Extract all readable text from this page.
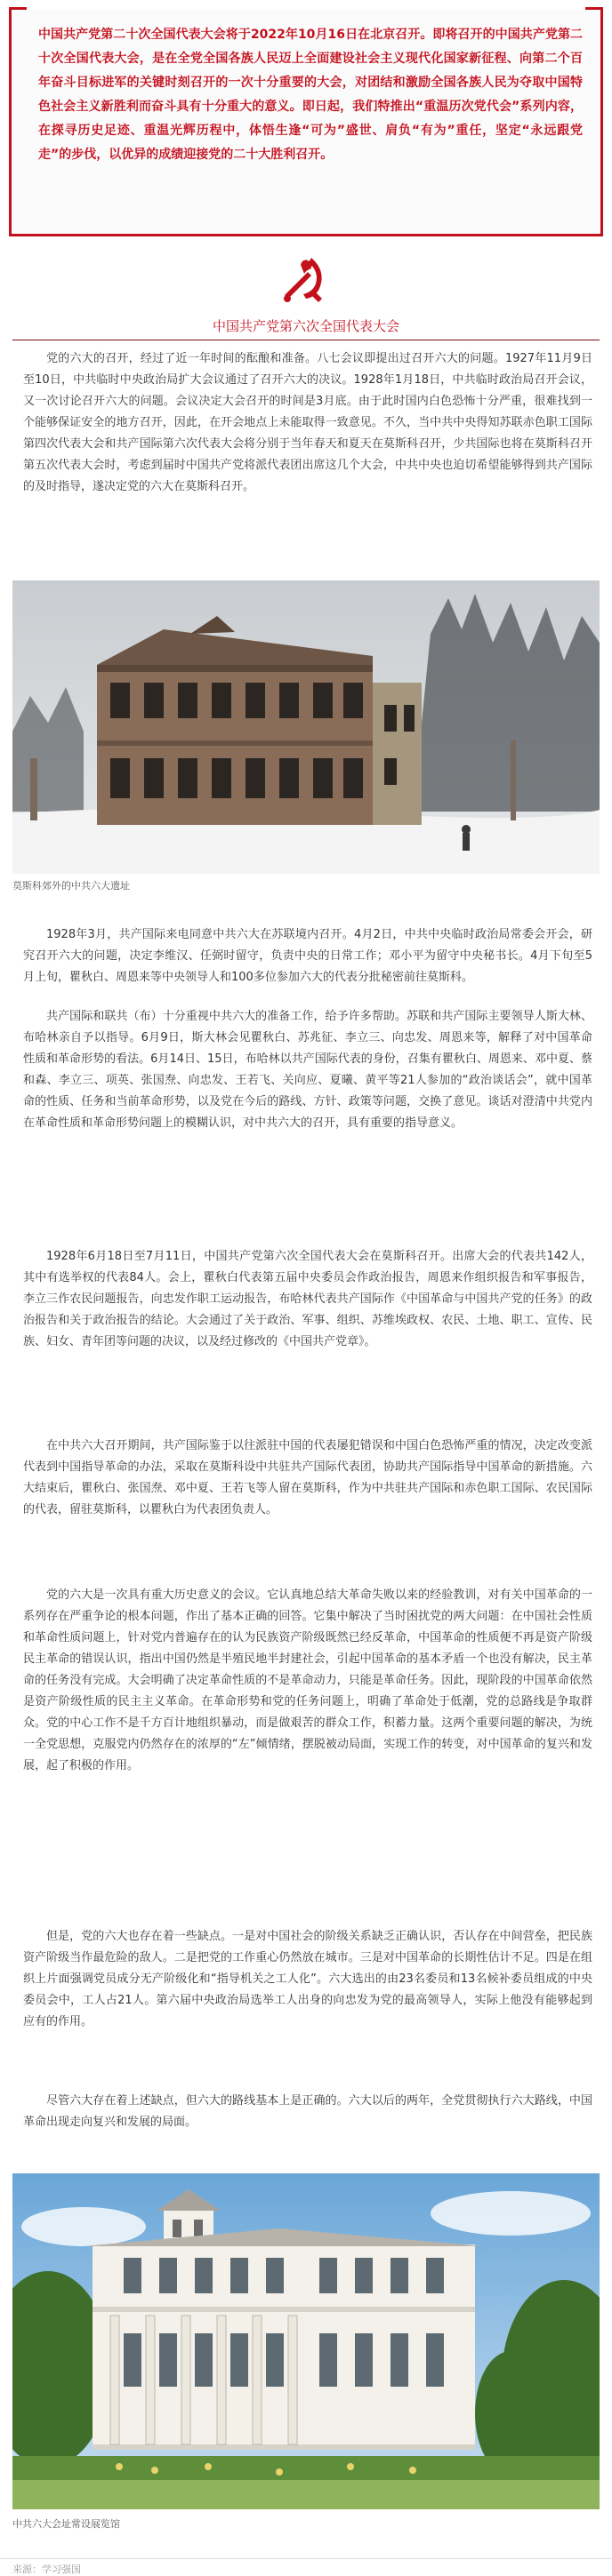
中国共产党第二十次全国代表大会将于2022年10月16日在北京召开。即将召开的中国共产党第二十次全国代表大会，是在全党全国各族人民迈上全面建设社会主义现代化国家新征程、向第二个百年奋斗目标进军的关键时刻召开的一次十分重要的大会，对团结和激励全国各族人民为夺取中国特色社会主义新胜利而奋斗具有十分重大的意义。即日起，我们特推出“重温历次党代会”系列内容，在探寻历史足迹、重温光辉历程中，体悟生逢“可为”盛世、肩负“有为”重任，坚定“永远跟党走”的步伐，以优异的成绩迎接党的二十大胜利召开。
中国共产党第六次全国代表大会

党的六大的召开，经过了近一年时间的酝酿和准备。八七会议即提出过召开六大的问题。1927年11月9日至10日，中共临时中央政治局扩大会议通过了召开六大的决议。1928年1月18日，中共临时政治局召开会议，又一次讨论召开六大的问题。会议决定大会召开的时间是3月底。由于此时国内白色恐怖十分严重，很难找到一个能够保证安全的地方召开，因此，在开会地点上未能取得一致意见。不久，当中共中央得知苏联赤色职工国际第四次代表大会和共产国际第六次代表大会将分别于当年春天和夏天在莫斯科召开，少共国际也将在莫斯科召开第五次代表大会时，考虑到届时中国共产党将派代表团出席这几个大会，中共中央也迫切希望能够得到共产国际的及时指导，遂决定党的六大在莫斯科召开。

莫斯科郊外的中共六大遗址

1928年3月，共产国际来电同意中共六大在苏联境内召开。4月2日，中共中央临时政治局常委会开会，研究召开六大的问题，决定李维汉、任弼时留守，负责中央的日常工作；邓小平为留守中央秘书长。4月下旬至5月上旬，瞿秋白、周恩来等中央领导人和100多位参加六大的代表分批秘密前往莫斯科。

共产国际和联共（布）十分重视中共六大的准备工作，给予许多帮助。苏联和共产国际主要领导人斯大林、布哈林亲自予以指导。6月9日，斯大林会见瞿秋白、苏兆征、李立三、向忠发、周恩来等，解释了对中国革命性质和革命形势的看法。6月14日、15日，布哈林以共产国际代表的身份，召集有瞿秋白、周恩来、邓中夏、蔡和森、李立三、项英、张国焘、向忠发、王若飞、关向应、夏曦、黄平等21人参加的“政治谈话会”，就中国革命的性质、任务和当前革命形势，以及党在今后的路线、方针、政策等问题，交换了意见。谈话对澄清中共党内在革命性质和革命形势问题上的模糊认识，对中共六大的召开，具有重要的指导意义。

1928年6月18日至7月11日，中国共产党第六次全国代表大会在莫斯科召开。出席大会的代表共142人，其中有选举权的代表84人。会上，瞿秋白代表第五届中央委员会作政治报告，周恩来作组织报告和军事报告，李立三作农民问题报告，向忠发作职工运动报告，布哈林代表共产国际作《中国革命与中国共产党的任务》的政治报告和关于政治报告的结论。大会通过了关于政治、军事、组织、苏维埃政权、农民、土地、职工、宣传、民族、妇女、青年团等问题的决议，以及经过修改的《中国共产党章》。

在中共六大召开期间，共产国际鉴于以往派驻中国的代表屡犯错误和中国白色恐怖严重的情况，决定改变派代表到中国指导革命的办法，采取在莫斯科设中共驻共产国际代表团，协助共产国际指导中国革命的新措施。六大结束后，瞿秋白、张国焘、邓中夏、王若飞等人留在莫斯科，作为中共驻共产国际和赤色职工国际、农民国际的代表，留驻莫斯科，以瞿秋白为代表团负责人。

党的六大是一次具有重大历史意义的会议。它认真地总结大革命失败以来的经验教训，对有关中国革命的一系列存在严重争论的根本问题，作出了基本正确的回答。它集中解决了当时困扰党的两大问题：在中国社会性质和革命性质问题上，针对党内普遍存在的认为民族资产阶级既然已经反革命，中国革命的性质便不再是资产阶级民主革命的错误认识，指出中国仍然是半殖民地半封建社会，引起中国革命的基本矛盾一个也没有解决，民主革命的任务没有完成。大会明确了决定革命性质的不是革命动力，只能是革命任务。因此，现阶段的中国革命依然是资产阶级性质的民主主义革命。在革命形势和党的任务问题上，明确了革命处于低潮，党的总路线是争取群众。党的中心工作不是千方百计地组织暴动，而是做艰苦的群众工作，积蓄力量。这两个重要问题的解决，为统一全党思想，克服党内仍然存在的浓厚的“左”倾情绪，摆脱被动局面，实现工作的转变，对中国革命的复兴和发展，起了积极的作用。

但是，党的六大也存在着一些缺点。一是对中国社会的阶级关系缺乏正确认识，否认存在中间营垒，把民族资产阶级当作最危险的敌人。二是把党的工作重心仍然放在城市。三是对中国革命的长期性估计不足。四是在组织上片面强调党员成分无产阶级化和“指导机关之工人化”。六大选出的由23名委员和13名候补委员组成的中央委员会中，工人占21人。第六届中央政治局选举工人出身的向忠发为党的最高领导人，实际上他没有能够起到应有的作用。

尽管六大存在着上述缺点，但六大的路线基本上是正确的。六大以后的两年，全党贯彻执行六大路线，中国革命出现走向复兴和发展的局面。

中共六大会址常设展览馆
来源：学习强国
